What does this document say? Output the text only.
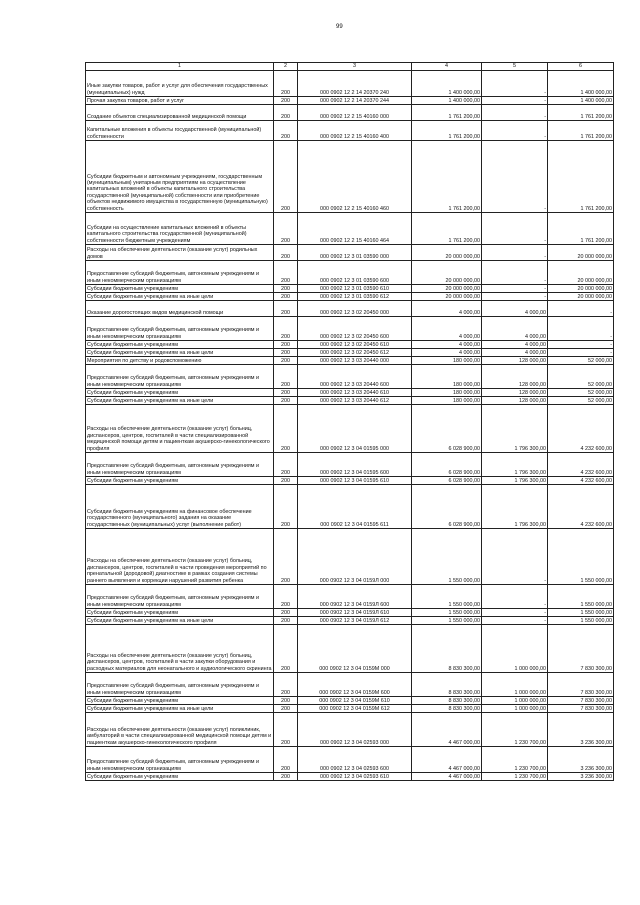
99
1	2	3	4	5	6
Иные закупки товаров, работ и услуг для обеспечения государственных (муниципальных) нужд	200	000 0902 12 2 14 20370 240	1 400 000,00	-	1 400 000,00
Прочая закупка товаров, работ и услуг	200	000 0902 12 2 14 20370 244	1 400 000,00	-	1 400 000,00
Создание объектов специализированной медицинской помощи	200	000 0902 12 2 15 40160 000	1 761 200,00	-	1 761 200,00
Капитальные вложения в объекты государственной (муниципальной) собственности	200	000 0902 12 2 15 40160 400	1 761 200,00	-	1 761 200,00
Субсидии бюджетным и автономным учреждениям, государственным (муниципальным) унитарным предприятиям на осуществление капитальных вложений в объекты капитального строительства государственной (муниципальной) собственности или приобретение объектов недвижимого имущества в государственную (муниципальную) собственность	200	000 0902 12 2 15 40160 460	1 761 200,00	-	1 761 200,00
Субсидии на осуществление капитальных вложений в объекты капитального строительства государственной (муниципальной) собственности бюджетным учреждениям	200	000 0902 12 2 15 40160 464	1 761 200,00	-	1 761 200,00
Расходы на обеспечение деятельности (оказание услуг) родильных домов	200	000 0902 12 3 01 03590 000	20 000 000,00	-	20 000 000,00
Предоставление субсидий бюджетным, автономным учреждениям и иным некоммерческим организациям	200	000 0902 12 3 01 03590 600	20 000 000,00	-	20 000 000,00
Субсидии бюджетным учреждениям	200	000 0902 12 3 01 03590 610	20 000 000,00	-	20 000 000,00
Субсидии бюджетным учреждениям на иные цели	200	000 0902 12 3 01 03590 612	20 000 000,00	-	20 000 000,00
Оказание дорогостоящих видов медицинской помощи	200	000 0902 12 3 02 20450 000	4 000,00	4 000,00	-
Предоставление субсидий бюджетным, автономным учреждениям и иным некоммерческим организациям	200	000 0902 12 3 02 20450 600	4 000,00	4 000,00	-
Субсидии бюджетным учреждениям	200	000 0902 12 3 02 20450 610	4 000,00	4 000,00	-
Субсидии бюджетным учреждениям на иные цели	200	000 0902 12 3 02 20450 612	4 000,00	4 000,00	-
Мероприятия по детству и родовспоможению	200	000 0902 12 3 03 20440 000	180 000,00	128 000,00	52 000,00
Предоставление субсидий бюджетным, автономным учреждениям и иным некоммерческим организациям	200	000 0902 12 3 03 20440 600	180 000,00	128 000,00	52 000,00
Субсидии бюджетным учреждениям	200	000 0902 12 3 03 20440 610	180 000,00	128 000,00	52 000,00
Субсидии бюджетным учреждениям на иные цели	200	000 0902 12 3 03 20440 612	180 000,00	128 000,00	52 000,00
Расходы на обеспечение деятельности (оказание услуг) больниц, диспансеров, центров, госпиталей в части специализированной медицинской помощи детям и пациенткам акушерско-гинекологического профиля	200	000 0902 12 3 04 01595 000	6 028 900,00	1 796 300,00	4 232 600,00
Предоставление субсидий бюджетным, автономным учреждениям и иным некоммерческим организациям	200	000 0902 12 3 04 01595 600	6 028 900,00	1 796 300,00	4 232 600,00
Субсидии бюджетным учреждениям	200	000 0902 12 3 04 01595 610	6 028 900,00	1 796 300,00	4 232 600,00
Субсидии бюджетным учреждениям на финансовое обеспечение государственного (муниципального) задания на оказание государственных (муниципальных) услуг (выполнение работ)	200	000 0902 12 3 04 01595 611	6 028 900,00	1 796 300,00	4 232 600,00
Расходы на обеспечение деятельности (оказание услуг) больниц, диспансеров, центров, госпиталей в части проведения мероприятий по пренатальной (дородовой) диагностике в рамках создания системы раннего выявления и коррекции нарушений развития ребенка	200	000 0902 12 3 04 0159Л 000	1 550 000,00	-	1 550 000,00
Предоставление субсидий бюджетным, автономным учреждениям и иным некоммерческим организациям	200	000 0902 12 3 04 0159Л 600	1 550 000,00	-	1 550 000,00
Субсидии бюджетным учреждениям	200	000 0902 12 3 04 0159Л 610	1 550 000,00	-	1 550 000,00
Субсидии бюджетным учреждениям на иные цели	200	000 0902 12 3 04 0159Л 612	1 550 000,00	-	1 550 000,00
Расходы на обеспечение деятельности (оказание услуг) больниц, диспансеров, центров, госпиталей в части закупки оборудования и расходных материалов для неонатального и аудиологического скрининга	200	000 0902 12 3 04 0159М 000	8 830 300,00	1 000 000,00	7 830 300,00
Предоставление субсидий бюджетным, автономным учреждениям и иным некоммерческим организациям	200	000 0902 12 3 04 0159М 600	8 830 300,00	1 000 000,00	7 830 300,00
Субсидии бюджетным учреждениям	200	000 0902 12 3 04 0159М 610	8 830 300,00	1 000 000,00	7 830 300,00
Субсидии бюджетным учреждениям на иные цели	200	000 0902 12 3 04 0159М 612	8 830 300,00	1 000 000,00	7 830 300,00
Расходы на обеспечение деятельности (оказание услуг) поликлиник, амбулаторий в части специализированной медицинской помощи детям и пациенткам акушерско-гинекологического профиля	200	000 0902 12 3 04 02593 000	4 467 000,00	1 230 700,00	3 236 300,00
Предоставление субсидий бюджетным, автономным учреждениям и иным некоммерческим организациям	200	000 0902 12 3 04 02593 600	4 467 000,00	1 230 700,00	3 236 300,00
Субсидии бюджетным учреждениям	200	000 0902 12 3 04 02593 610	4 467 000,00	1 230 700,00	3 236 300,00
